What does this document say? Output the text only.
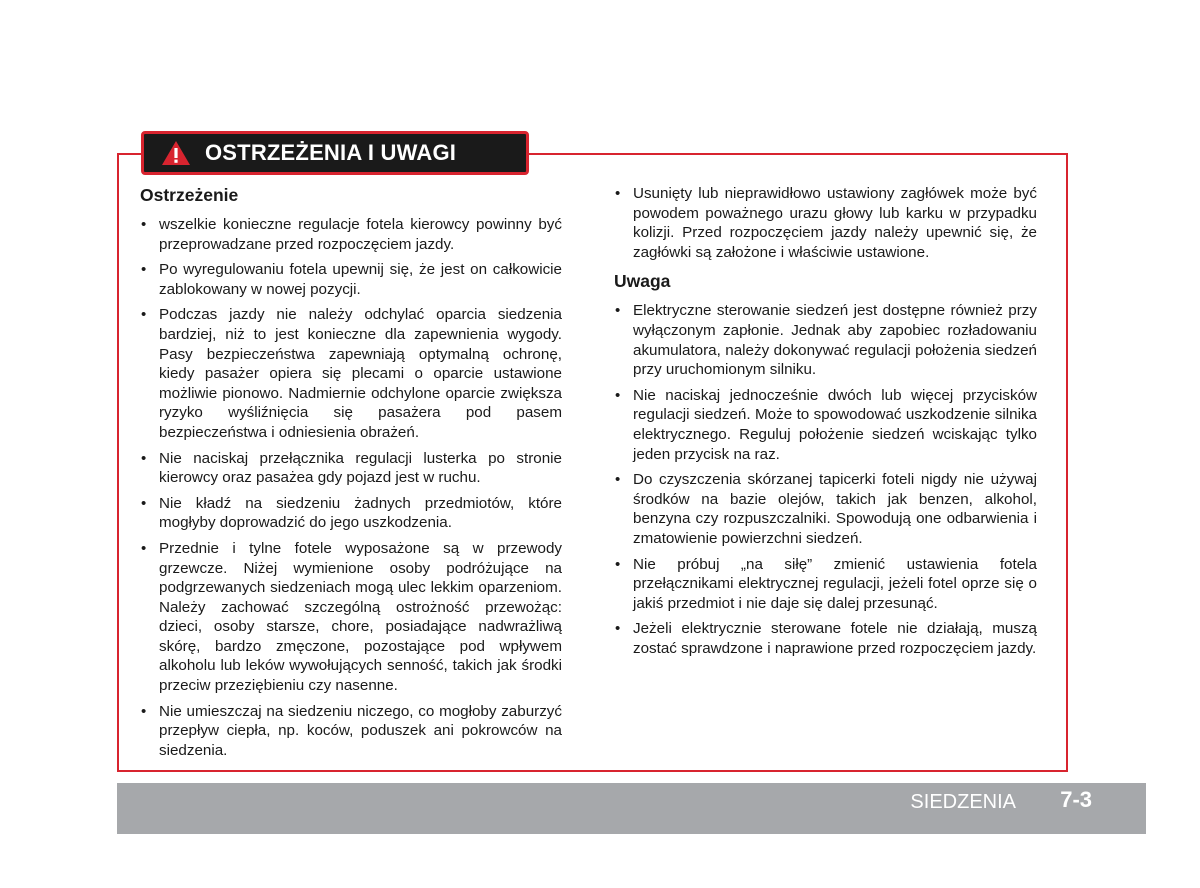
OSTRZEŻENIA I UWAGI
Ostrzeżenie
• wszelkie konieczne regulacje fotela kierowcy powinny być przeprowadzane przed rozpoczęciem jazdy.
• Po wyregulowaniu fotela upewnij się, że jest on całkowicie zablokowany w nowej pozycji.
• Podczas jazdy nie należy odchylać oparcia siedzenia bardziej, niż to jest konieczne dla zapewnienia wygody. Pasy bezpieczeństwa zapewniają optymalną ochronę, kiedy pasażer opiera się plecami o oparcie ustawione możliwie pionowo. Nadmiernie odchylone oparcie zwiększa ryzyko wyśliźnięcia się pasażera pod pasem bezpieczeństwa i odniesienia obrażeń.
• Nie naciskaj przełącznika regulacji lusterka po stronie kierowcy oraz pasażea gdy pojazd jest w ruchu.
• Nie kładź na siedzeniu żadnych przedmiotów, które mogłyby doprowadzić do jego uszkodzenia.
• Przednie i tylne fotele wyposażone są w przewody grzewcze. Niżej wymienione osoby podróżujące na podgrzewanych siedzeniach mogą ulec lekkim oparzeniom. Należy zachować szczególną ostrożność przewożąc: dzieci, osoby starsze, chore, posiadające nadwrażliwą skórę, bardzo zmęczone, pozostające pod wpływem alkoholu lub leków wywołujących senność, takich jak środki przeciw przeziębieniu czy nasenne.
• Nie umieszczaj na siedzeniu niczego, co mogłoby zaburzyć przepływ ciepła, np. koców, poduszek ani pokrowców na siedzenia.
• Usunięty lub nieprawidłowo ustawiony zagłówek może być powodem poważnego urazu głowy lub karku w przypadku kolizji. Przed rozpoczęciem jazdy należy upewnić się, że zagłówki są założone i właściwie ustawione.
Uwaga
• Elektryczne sterowanie siedzeń jest dostępne również przy wyłączonym zapłonie. Jednak aby zapobiec rozładowaniu akumulatora, należy dokonywać regulacji położenia siedzeń przy uruchomionym silniku.
• Nie naciskaj jednocześnie dwóch lub więcej przycisków regulacji siedzeń. Może to spowodować uszkodzenie silnika elektrycznego. Reguluj położenie siedzeń wciskając tylko jeden przycisk na raz.
• Do czyszczenia skórzanej tapicerki foteli nigdy nie używaj środków na bazie olejów, takich jak benzen, alkohol, benzyna czy rozpuszczalniki. Spowodują one odbarwienia i zmatowienie powierzchni siedzeń.
• Nie próbuj „na siłę” zmienić ustawienia fotela przełącznikami elektrycznej regulacji, jeżeli fotel oprze się o jakiś przedmiot i nie daje się dalej przesunąć.
• Jeżeli elektrycznie sterowane fotele nie działają, muszą zostać sprawdzone i naprawione przed rozpoczęciem jazdy.
SIEDZENIA 7-3
